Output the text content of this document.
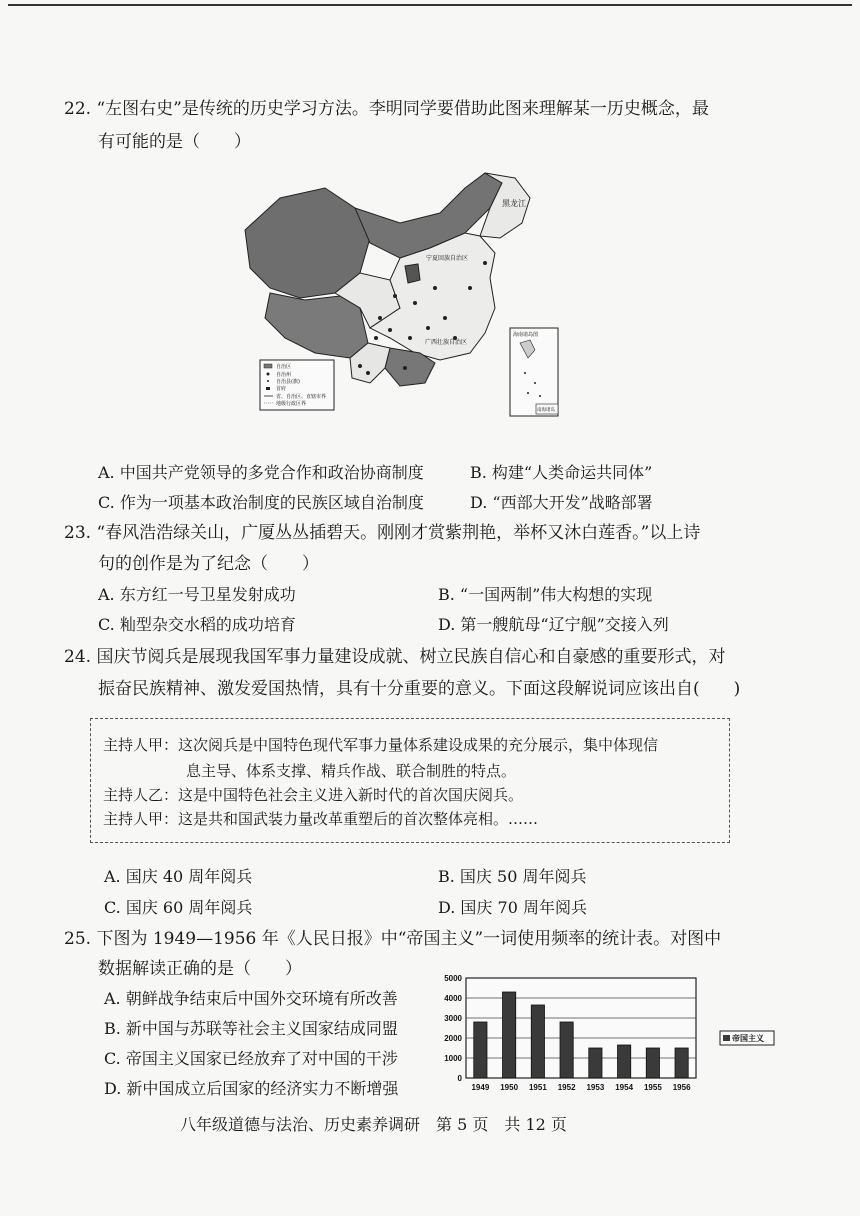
22. “左图右史”是传统的历史学习方法。李明同学要借助此图来理解某一历史概念，最
有可能的是（　　）
黑龙江
宁夏回族自治区
广西壮族自治区
自治区
自治州
自治县(旗)
首府
省、自治区、直辖市界
地级行政区界
海南诸岛图
南海诸岛
A. 中国共产党领导的多党合作和政治协商制度	B. 构建“人类命运共同体”
C. 作为一项基本政治制度的民族区域自治制度	D. “西部大开发”战略部署
23. “春风浩浩绿关山，广厦丛丛插碧天。刚刚才赏紫荆艳，举杯又沐白莲香。”以上诗
句的创作是为了纪念（　　）
A. 东方红一号卫星发射成功	B. “一国两制”伟大构想的实现
C. 籼型杂交水稻的成功培育	D. 第一艘航母“辽宁舰”交接入列
24. 国庆节阅兵是展现我国军事力量建设成就、树立民族自信心和自豪感的重要形式，对
振奋民族精神、激发爱国热情，具有十分重要的意义。下面这段解说词应该出自(　　)
主持人甲：这次阅兵是中国特色现代军事力量体系建设成果的充分展示，集中体现信
息主导、体系支撑、精兵作战、联合制胜的特点。
主持人乙：这是中国特色社会主义进入新时代的首次国庆阅兵。
主持人甲：这是共和国武装力量改革重塑后的首次整体亮相。……
A. 国庆 40 周年阅兵	B. 国庆 50 周年阅兵
C. 国庆 60 周年阅兵	D. 国庆 70 周年阅兵
25. 下图为 1949—1956 年《人民日报》中“帝国主义”一词使用频率的统计表。对图中
数据解读正确的是（　　）
A. 朝鲜战争结束后中国外交环境有所改善
B. 新中国与苏联等社会主义国家结成同盟
C. 帝国主义国家已经放弃了对中国的干涉
D. 新中国成立后国家的经济实力不断增强
0
1000
2000
3000
4000
5000
1949 1950 1951 1952 1953 1954 1955 1956
帝国主义
八年级道德与法治、历史素养调研　第 5 页　共 12 页
